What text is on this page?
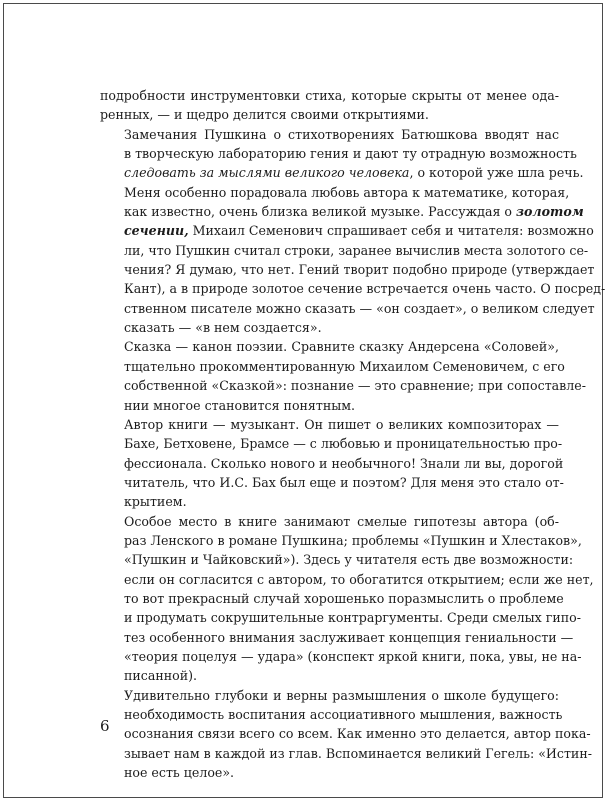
подробности инструментовки стиха, которые скрыты от менее ода-
ренных, — и щедро делится своими открытиями.

Замечания Пушкина о стихотворениях Батюшкова вводят нас
в творческую лабораторию гения и дают ту отрадную возможность
следовать за мыслями великого человека, о которой уже шла речь.

Меня особенно порадовала любовь автора к математике, которая,
как известно, очень близка великой музыке. Рассуждая о золотом
сечении, Михаил Семенович спрашивает себя и читателя: возможно
ли, что Пушкин считал строки, заранее вычислив места золотого се-
чения? Я думаю, что нет. Гений творит подобно природе (утверждает
Кант), а в природе золотое сечение встречается очень часто. О посред-
ственном писателе можно сказать — «он создает», о великом следует
сказать — «в нем создается».

Сказка — канон поэзии. Сравните сказку Андерсена «Соловей»,
тщательно прокомментированную Михаилом Семеновичем, с его
собственной «Сказкой»: познание — это сравнение; при сопоставле-
нии многое становится понятным.

Автор книги — музыкант. Он пишет о великих композиторах —
Бахе, Бетховене, Брамсе — с любовью и проницательностью про-
фессионала. Сколько нового и необычного! Знали ли вы, дорогой
читатель, что И.С. Бах был еще и поэтом? Для меня это стало от-
крытием.

Особое место в книге занимают смелые гипотезы автора (об-
раз Ленского в романе Пушкина; проблемы «Пушкин и Хлестаков»,
«Пушкин и Чайковский»). Здесь у читателя есть две возможности:
если он согласится с автором, то обогатится открытием; если же нет,
то вот прекрасный случай хорошенько поразмыслить о проблеме
и продумать сокрушительные контраргументы. Среди смелых гипо-
тез особенного внимания заслуживает концепция гениальности —
«теория поцелуя — удара» (конспект яркой книги, пока, увы, не на-
писанной).

Удивительно глубоки и верны размышления о школе будущего:
необходимость воспитания ассоциативного мышления, важность
осознания связи всего со всем. Как именно это делается, автор пока-
зывает нам в каждой из глав. Вспоминается великий Гегель: «Истин-
ное есть целое».

6
